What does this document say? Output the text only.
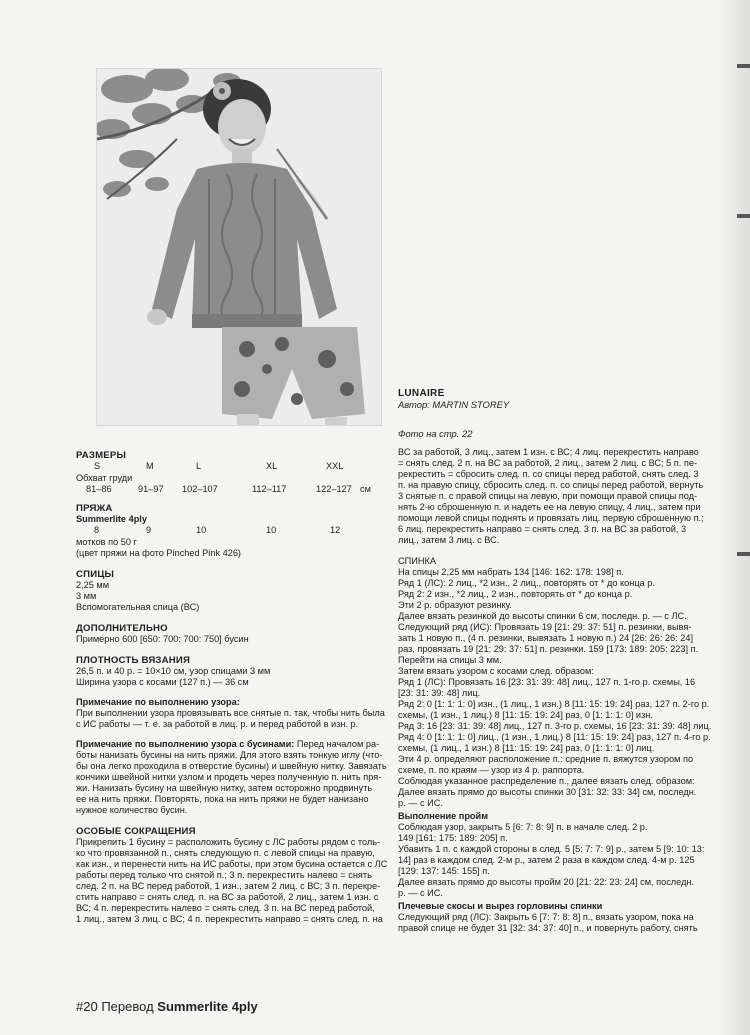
РАЗМЕРЫ
S	M	L	XL	XXL
Обхват груди
81–86	91–97 102–107	112–117	122–127 см
ПРЯЖА
Summerlite 4ply
8	9	10	10	12
мотков по 50 г
(цвет пряжи на фото Pinched Pink 426)
СПИЦЫ
2,25 мм
3 мм
Вспомогательная спица (ВС)
ДОПОЛНИТЕЛЬНО
Примерно 600 [650: 700: 700: 750] бусин
ПЛОТНОСТЬ ВЯЗАНИЯ
26,5 п. и 40 р. = 10×10 см, узор спицами 3 мм
Ширина узора с косами (127 п.) — 36 см
Примечание по выполнению узора:
При выполнении узора провязывать все снятые п. так, чтобы нить была
с ИС работы — т. е. за работой в лиц. р. и перед работой в изн. р.
Примечание по выполнению узора с бусинами: Перед началом ра-
боты нанизать бусины на нить пряжи. Для этого взять тонкую иглу (что-
бы она легко проходила в отверстие бусины) и швейную нитку. Завязать
кончики швейной нитки узлом и продеть через полученную п. нить пря-
жи. Нанизать бусину на швейную нитку, затем осторожно продвинуть
ее на нить пряжи. Повторять, пока на нить пряжи не будет нанизано
нужное количество бусин.
ОСОБЫЕ СОКРАЩЕНИЯ
Прикрепить 1 бусину = расположить бусину с ЛС работы рядом с толь-
ко что провязанной п., снять следующую п. с левой спицы на правую,
как изн., и перенести нить на ИС работы, при этом бусина остается с ЛС
работы перед только что снятой п.; 3 п. перекрестить налево = снять
след. 2 п. на ВС перед работой, 1 изн., затем 2 лиц. с ВС; 3 п. перекре-
стить направо = снять след. п. на ВС за работой, 2 лиц., затем 1 изн. с
ВС; 4 п. перекрестить налево = снять след. 3 п. на ВС перед работой,
1 лиц., затем 3 лиц. с ВС; 4 п. перекрестить направо = снять след. п. на
#20 Перевод Summerlite 4ply
LUNAIRE
Автор: MARTIN STOREY
Фото на стр. 22
ВС за работой, 3 лиц., затем 1 изн. с ВС; 4 лиц. перекрестить направо
= снять след. 2 п. на ВС за работой, 2 лиц., затем 2 лиц. с ВС; 5 п. пе-
рекрестить = сбросить след. п. со спицы перед работой, снять след. 3
п. на правую спицу, сбросить след. п. со спицы перед работой, вернуть
3 снятые п. с правой спицы на левую, при помощи правой спицы под-
нять 2-ю сброшенную п. и надеть ее на левую спицу, 4 лиц., затем при
помощи левой спицы поднять и провязать лиц. первую сброшенную п.;
6 лиц. перекрестить направо = снять след. 3 п. на ВС за работой, 3
лиц., затем 3 лиц. с ВС.
СПИНКА
На спицы 2,25 мм набрать 134 [146: 162: 178: 198] п.
Ряд 1 (ЛС): 2 лиц., *2 изн., 2 лиц., повторять от * до конца р.
Ряд 2: 2 изн., *2 лиц., 2 изн., повторять от * до конца р.
Эти 2 р. образуют резинку.
Далее вязать резинкой до высоты спинки 6 см, последн. р. — с ЛС.
Следующий ряд (ИС): Провязать 19 [21: 29: 37: 51] п. резинки, вывя-
зать 1 новую п., (4 п. резинки, вывязать 1 новую п.) 24 [26: 26: 26: 24]
раз, провязать 19 [21: 29: 37: 51] п. резинки. 159 [173: 189: 205: 223] п.
Перейти на спицы 3 мм.
Затем вязать узором с косами след. образом:
Ряд 1 (ЛС): Провязать 16 [23: 31: 39: 48] лиц., 127 п. 1-го р. схемы, 16
[23: 31: 39: 48] лиц.
Ряд 2: 0 [1: 1: 1: 0] изн., (1 лиц., 1 изн.) 8 [11: 15: 19: 24] раз, 127 п. 2-го р.
схемы, (1 изн., 1 лиц.) 8 [11: 15: 19: 24] раз, 0 [1: 1: 1: 0] изн.
Ряд 3: 16 [23: 31: 39: 48] лиц., 127 п. 3-го р. схемы, 16 [23: 31: 39: 48] лиц.
Ряд 4: 0 [1: 1: 1: 0] лиц., (1 изн., 1 лиц.) 8 [11: 15: 19: 24] раз, 127 п. 4-го р.
схемы, (1 лиц., 1 изн.) 8 [11: 15: 19: 24] раз, 0 [1: 1: 1: 0] лиц.
Эти 4 р. определяют расположение п.: средние п. вяжутся узором по
схеме, п. по краям — узор из 4 р. раппорта.
Соблюдая указанное распределение п., далее вязать след. образом:
Далее вязать прямо до высоты спинки 30 [31: 32: 33: 34] см, последн.
р. — с ИС.
Выполнение пройм
Соблюдая узор, закрыть 5 [6: 7: 8: 9] п. в начале след. 2 р.
149 [161: 175: 189: 205] п.
Убавить 1 п. с каждой стороны в след. 5 [5: 7: 7: 9] р., затем 5 [9: 10: 13:
14] раз в каждом след. 2-м р., затем 2 раза в каждом след. 4-м р. 125
[129: 137: 145: 155] п.
Далее вязать прямо до высоты пройм 20 [21: 22: 23: 24] см, последн.
р. — с ИС.
Плечевые скосы и вырез горловины спинки
Следующий ряд (ЛС): Закрыть 6 [7: 7: 8: 8] п., вязать узором, пока на
правой спице не будет 31 [32: 34: 37: 40] п., и повернуть работу, снять
